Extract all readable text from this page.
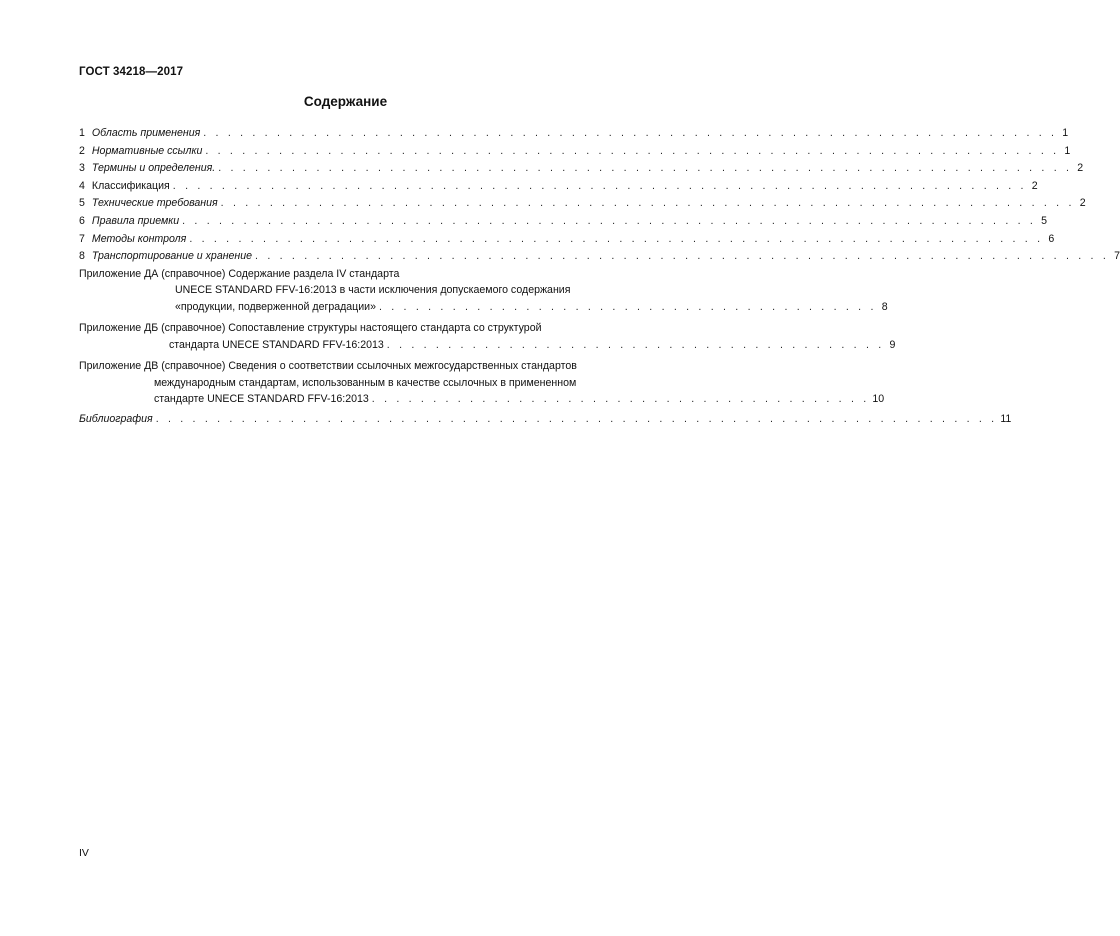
ГОСТ 34218—2017
Содержание
1 Область применения . . . . . . . . . . . . . . . . . . . . . . . . . . . . . . . . . . . . . . . . . . . . . . . . . . . . . . . . . . . . . . . . . . . . . . 1
2 Нормативные ссылки . . . . . . . . . . . . . . . . . . . . . . . . . . . . . . . . . . . . . . . . . . . . . . . . . . . . . . . . . . . . . . . . . . . . . . 1
3 Термины и определения. . . . . . . . . . . . . . . . . . . . . . . . . . . . . . . . . . . . . . . . . . . . . . . . . . . . . . . . . . . . . . . . . . . . . . . 2
4 Классификация . . . . . . . . . . . . . . . . . . . . . . . . . . . . . . . . . . . . . . . . . . . . . . . . . . . . . . . . . . . . . . . . . . . . . . 2
5 Технические требования . . . . . . . . . . . . . . . . . . . . . . . . . . . . . . . . . . . . . . . . . . . . . . . . . . . . . . . . . . . . . . . . . . . . . . 2
6 Правила приемки . . . . . . . . . . . . . . . . . . . . . . . . . . . . . . . . . . . . . . . . . . . . . . . . . . . . . . . . . . . . . . . . . . . . . . 5
7 Методы контроля . . . . . . . . . . . . . . . . . . . . . . . . . . . . . . . . . . . . . . . . . . . . . . . . . . . . . . . . . . . . . . . . . . . . . . 6
8 Транспортирование и хранение . . . . . . . . . . . . . . . . . . . . . . . . . . . . . . . . . . . . . . . . . . . . . . . . . . . . . . . . . . . . . . . . . . . . . . 7
Приложение ДА (справочное) Содержание раздела IV стандарта
UNECE STANDARD FFV-16:2013 в части исключения допускаемого содержания
«продукции, подверженной деградации» . . . . . . . . . . . . . . . . . . . . . . . . . . . . . . . . . . . . . . . . . 8
Приложение ДБ (справочное) Сопоставление структуры настоящего стандарта со структурой
стандарта UNECE STANDARD FFV-16:2013 . . . . . . . . . . . . . . . . . . . . . . . . . . . . . . . . . . . . . . . . . 9
Приложение ДВ (справочное) Сведения о соответствии ссылочных межгосударственных стандартов
международным стандартам, использованным в качестве ссылочных в примененном
стандарте UNECE STANDARD FFV-16:2013 . . . . . . . . . . . . . . . . . . . . . . . . . . . . . . . . . . . . . . . . . 10
Библиография . . . . . . . . . . . . . . . . . . . . . . . . . . . . . . . . . . . . . . . . . . . . . . . . . . . . . . . . . . . . . . . . . . . . . 11
IV
